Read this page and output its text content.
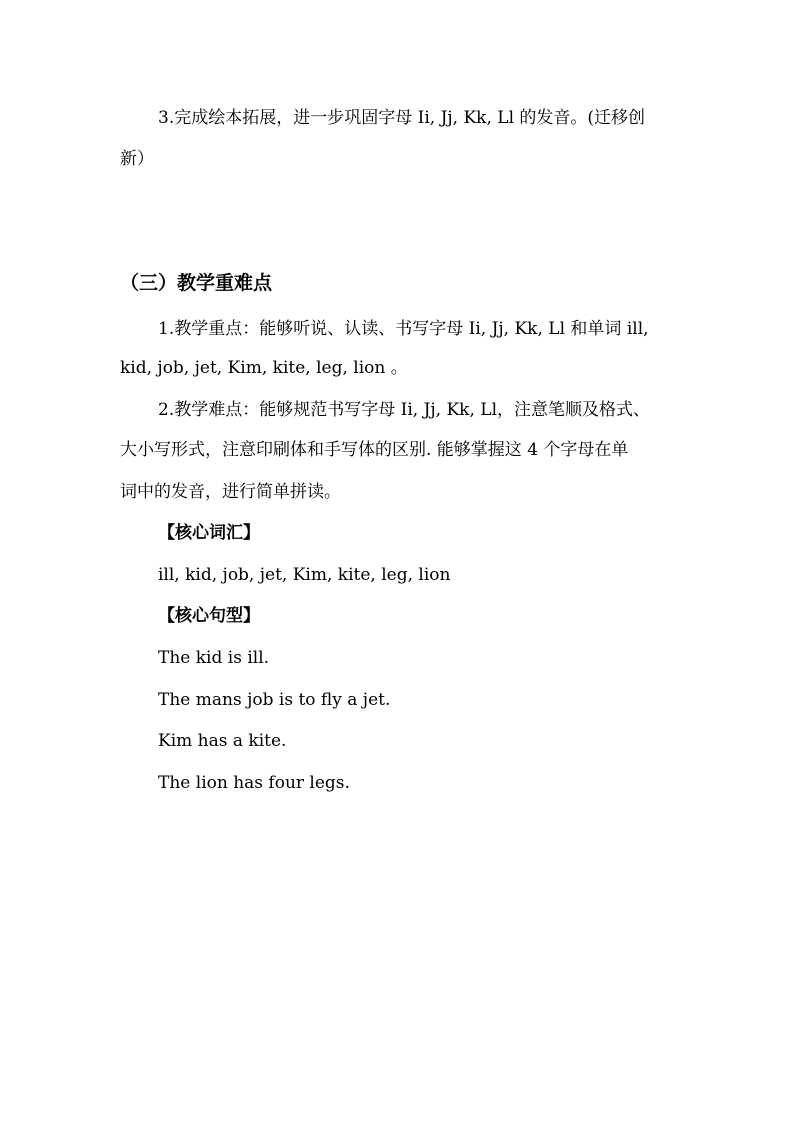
3.完成绘本拓展，进一步巩固字母 Ii, Jj, Kk, Ll 的发音。(迁移创
新）
（三）教学重难点
1.教学重点：能够听说、认读、书写字母 Ii, Jj, Kk, Ll 和单词 ill,
kid, job, jet, Kim, kite, leg, lion 。
2.教学难点：能够规范书写字母 Ii, Jj, Kk, Ll，注意笔顺及格式、
大小写形式，注意印刷体和手写体的区别. 能够掌握这 4 个字母在单
词中的发音，进行简单拼读。
【核心词汇】
ill, kid, job, jet, Kim, kite, leg, lion
【核心句型】
The kid is ill.
The mans job is to fly a jet.
Kim has a kite.
The lion has four legs.
